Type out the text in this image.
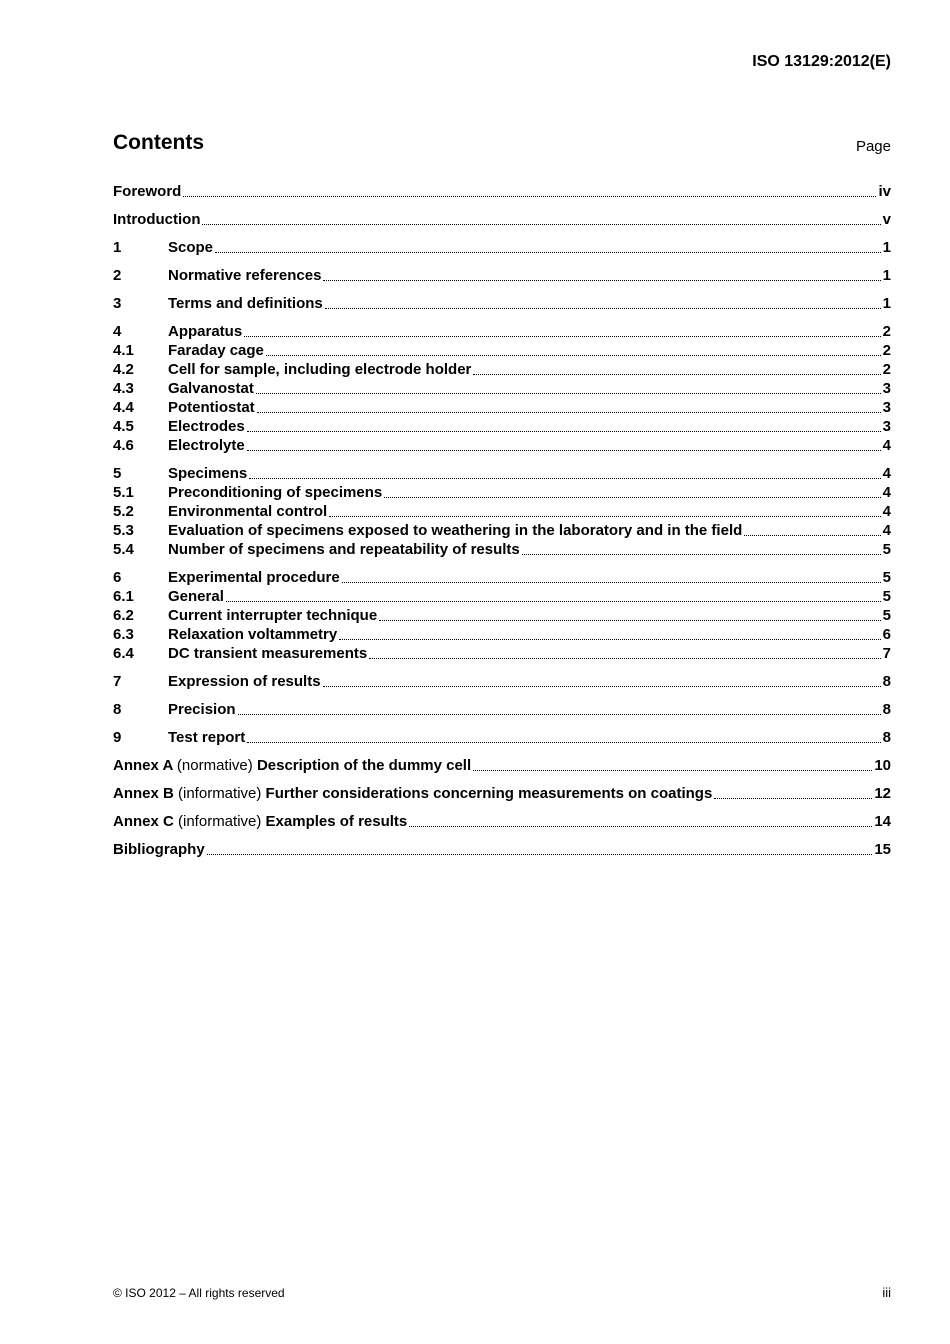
ISO 13129:2012(E)
Contents	Page
Foreword	iv
Introduction	v
1	Scope	1
2	Normative references	1
3	Terms and definitions	1
4	Apparatus	2
4.1	Faraday cage	2
4.2	Cell for sample, including electrode holder	2
4.3	Galvanostat	3
4.4	Potentiostat	3
4.5	Electrodes	3
4.6	Electrolyte	4
5	Specimens	4
5.1	Preconditioning of specimens	4
5.2	Environmental control	4
5.3	Evaluation of specimens exposed to weathering in the laboratory and in the field	4
5.4	Number of specimens and repeatability of results	5
6	Experimental procedure	5
6.1	General	5
6.2	Current interrupter technique	5
6.3	Relaxation voltammetry	6
6.4	DC transient measurements	7
7	Expression of results	8
8	Precision	8
9	Test report	8
Annex A (normative) Description of the dummy cell	10
Annex B (informative) Further considerations concerning measurements on coatings	12
Annex C (informative) Examples of results	14
Bibliography	15
© ISO 2012 – All rights reserved	iii
